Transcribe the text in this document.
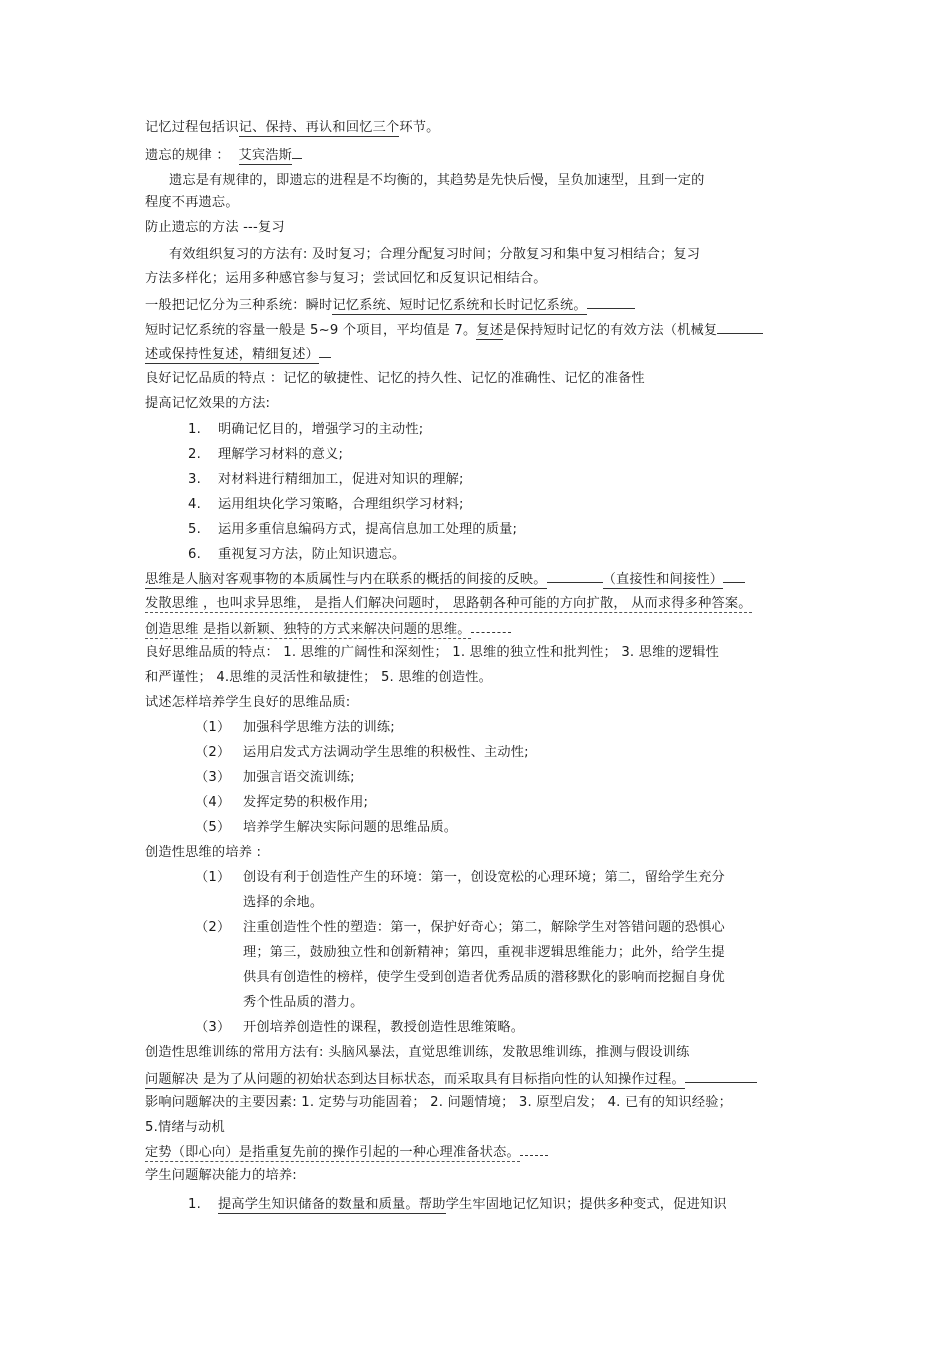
记忆过程包括识记、保持、再认和回忆三个环节。
遗忘的规律 ： 艾宾浩斯
遗忘是有规律的，即遗忘的进程是不均衡的，其趋势是先快后慢，呈负加速型，且到一定的
程度不再遗忘。
防止遗忘的方法 ---复习
有效组织复习的方法有: 及时复习；合理分配复习时间；分散复习和集中复习相结合；复习
方法多样化；运用多种感官参与复习；尝试回忆和反复识记相结合。
一般把记忆分为三种系统：瞬时记忆系统、短时记忆系统和长时记忆系统。
短时记忆系统的容量一般是 5~9 个项目，平均值是 7。复述是保持短时记忆的有效方法（机械复
述或保持性复述，精细复述）
良好记忆品质的特点 ：记忆的敏捷性、记忆的持久性、记忆的准确性、记忆的准备性
提高记忆效果的方法:
1. 明确记忆目的，增强学习的主动性;
2. 理解学习材料的意义;
3. 对材料进行精细加工，促进对知识的理解;
4. 运用组块化学习策略，合理组织学习材料;
5. 运用多重信息编码方式，提高信息加工处理的质量;
6. 重视复习方法，防止知识遗忘。
思维是人脑对客观事物的本质属性与内在联系的概括的间接的反映。	（直接性和间接性）
发散思维 ，也叫求异思维， 是指人们解决问题时， 思路朝各种可能的方向扩散， 从而求得多种答案。
创造思维 是指以新颖、独特的方式来解决问题的思维。
良好思维品质的特点： 1. 思维的广阔性和深刻性； 1. 思维的独立性和批判性； 3. 思维的逻辑性
和严谨性； 4.思维的灵活性和敏捷性； 5. 思维的创造性。
试述怎样培养学生良好的思维品质:
（1） 加强科学思维方法的训练;
（2） 运用启发式方法调动学生思维的积极性、主动性;
（3） 加强言语交流训练;
（4） 发挥定势的积极作用;
（5） 培养学生解决实际问题的思维品质。
创造性思维的培养 :
（1） 创设有利于创造性产生的环境：第一，创设宽松的心理环境；第二，留给学生充分
选择的余地。
（2） 注重创造性个性的塑造：第一，保护好奇心；第二，解除学生对答错问题的恐惧心
理；第三，鼓励独立性和创新精神；第四，重视非逻辑思维能力；此外，给学生提
供具有创造性的榜样，使学生受到创造者优秀品质的潜移默化的影响而挖掘自身优
秀个性品质的潜力。
（3） 开创培养创造性的课程，教授创造性思维策略。
创造性思维训练的常用方法有: 头脑风暴法，直觉思维训练，发散思维训练，推测与假设训练
问题解决 是为了从问题的初始状态到达目标状态，而采取具有目标指向性的认知操作过程。
影响问题解决的主要因素: 1. 定势与功能固着； 2. 问题情境； 3. 原型启发； 4. 已有的知识经验；
5.情绪与动机
定势（即心向）是指重复先前的操作引起的一种心理准备状态。
学生问题解决能力的培养:
1. 提高学生知识储备的数量和质量。帮助学生牢固地记忆知识；提供多种变式，促进知识
